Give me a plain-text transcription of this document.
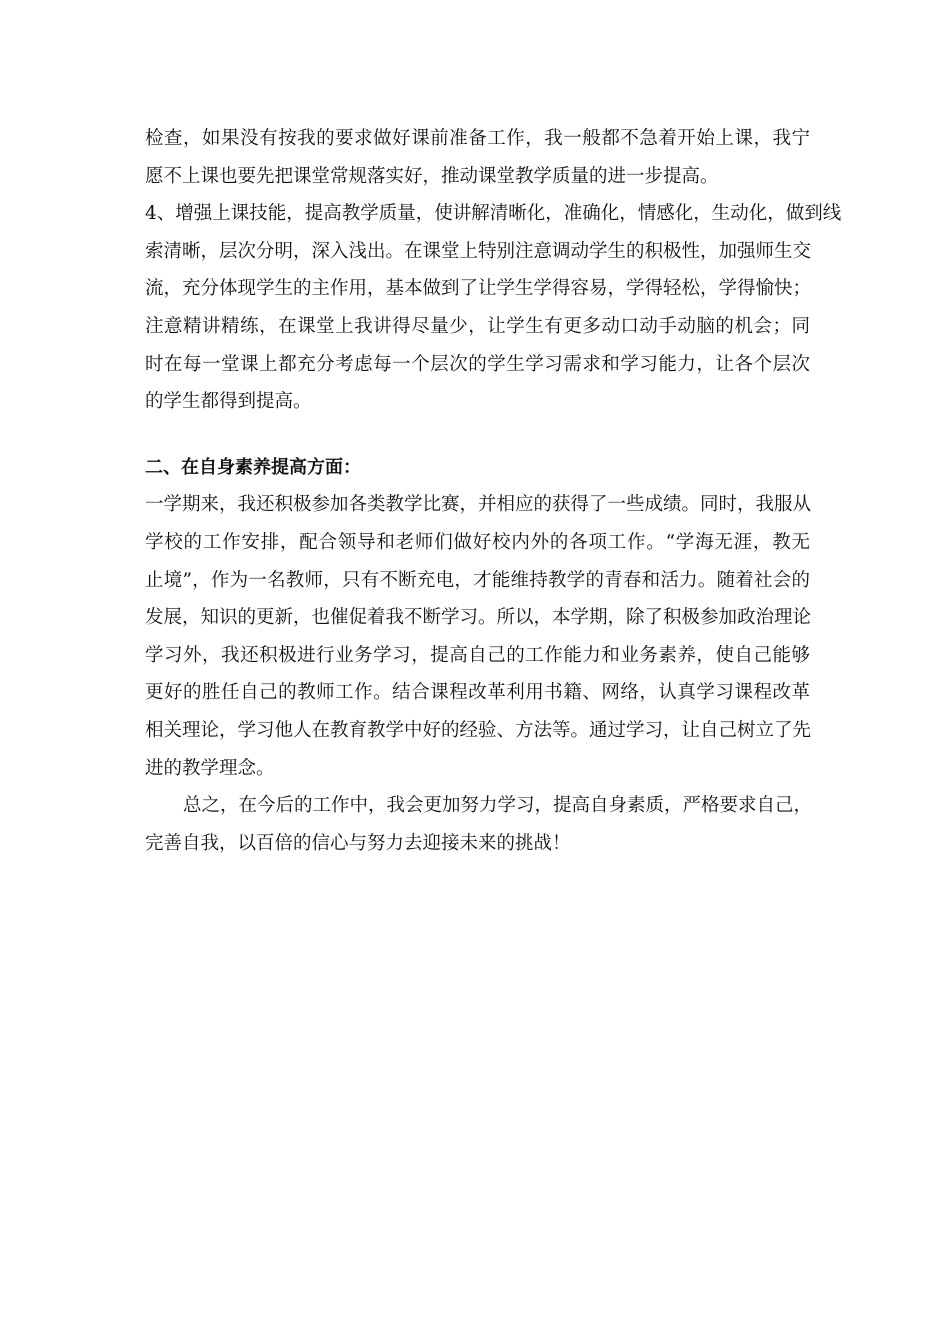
检查，如果没有按我的要求做好课前准备工作，我一般都不急着开始上课，我宁
愿不上课也要先把课堂常规落实好，推动课堂教学质量的进一步提高。
4、增强上课技能，提高教学质量，使讲解清晰化，准确化，情感化，生动化，做到线
索清晰，层次分明，深入浅出。在课堂上特别注意调动学生的积极性，加强师生交
流，充分体现学生的主作用，基本做到了让学生学得容易，学得轻松，学得愉快；
注意精讲精练，在课堂上我讲得尽量少，让学生有更多动口动手动脑的机会；同
时在每一堂课上都充分考虑每一个层次的学生学习需求和学习能力，让各个层次
的学生都得到提高。
二、在自身素养提高方面：
一学期来，我还积极参加各类教学比赛，并相应的获得了一些成绩。同时，我服从
学校的工作安排，配合领导和老师们做好校内外的各项工作。“学海无涯，教无
止境”，作为一名教师，只有不断充电，才能维持教学的青春和活力。随着社会的
发展，知识的更新，也催促着我不断学习。所以，本学期，除了积极参加政治理论
学习外，我还积极进行业务学习，提高自己的工作能力和业务素养，使自己能够
更好的胜任自己的教师工作。结合课程改革利用书籍、网络，认真学习课程改革
相关理论，学习他人在教育教学中好的经验、方法等。通过学习，让自己树立了先
进的教学理念。
总之，在今后的工作中，我会更加努力学习，提高自身素质，严格要求自己，
完善自我，以百倍的信心与努力去迎接未来的挑战！
